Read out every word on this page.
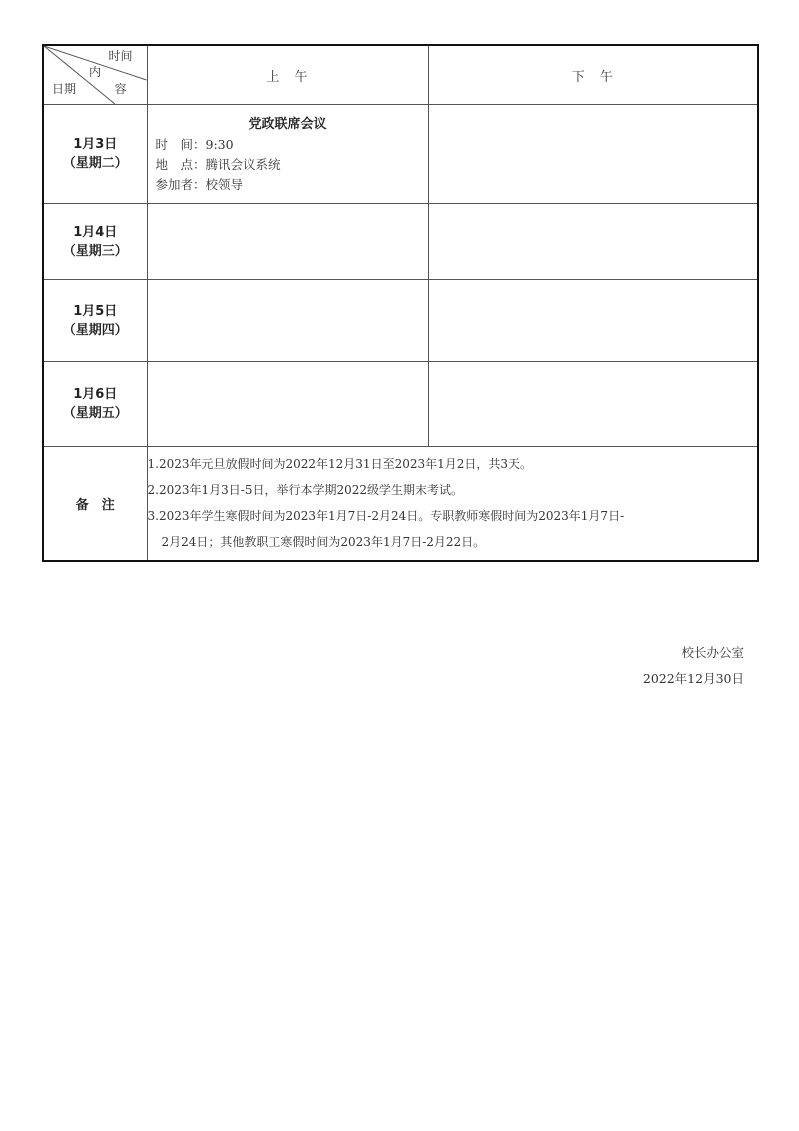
时间
内
容
日期	上　午	下　午

1月3日
（星期二）	党政联席会议
时　间：9:30
地　点：腾讯会议系统
参加者：校领导	

1月4日
（星期三）		

1月5日
（星期四）		

1月6日
（星期五）		

备　注	1.2023年元旦放假时间为2022年12月31日至2023年1月2日，共3天。
2.2023年1月3日-5日，举行本学期2022级学生期末考试。
3.2023年学生寒假时间为2023年1月7日-2月24日。专职教师寒假时间为2023年1月7日-
2月24日；其他教职工寒假时间为2023年1月7日-2月22日。	
校长办公室
2022年12月30日
